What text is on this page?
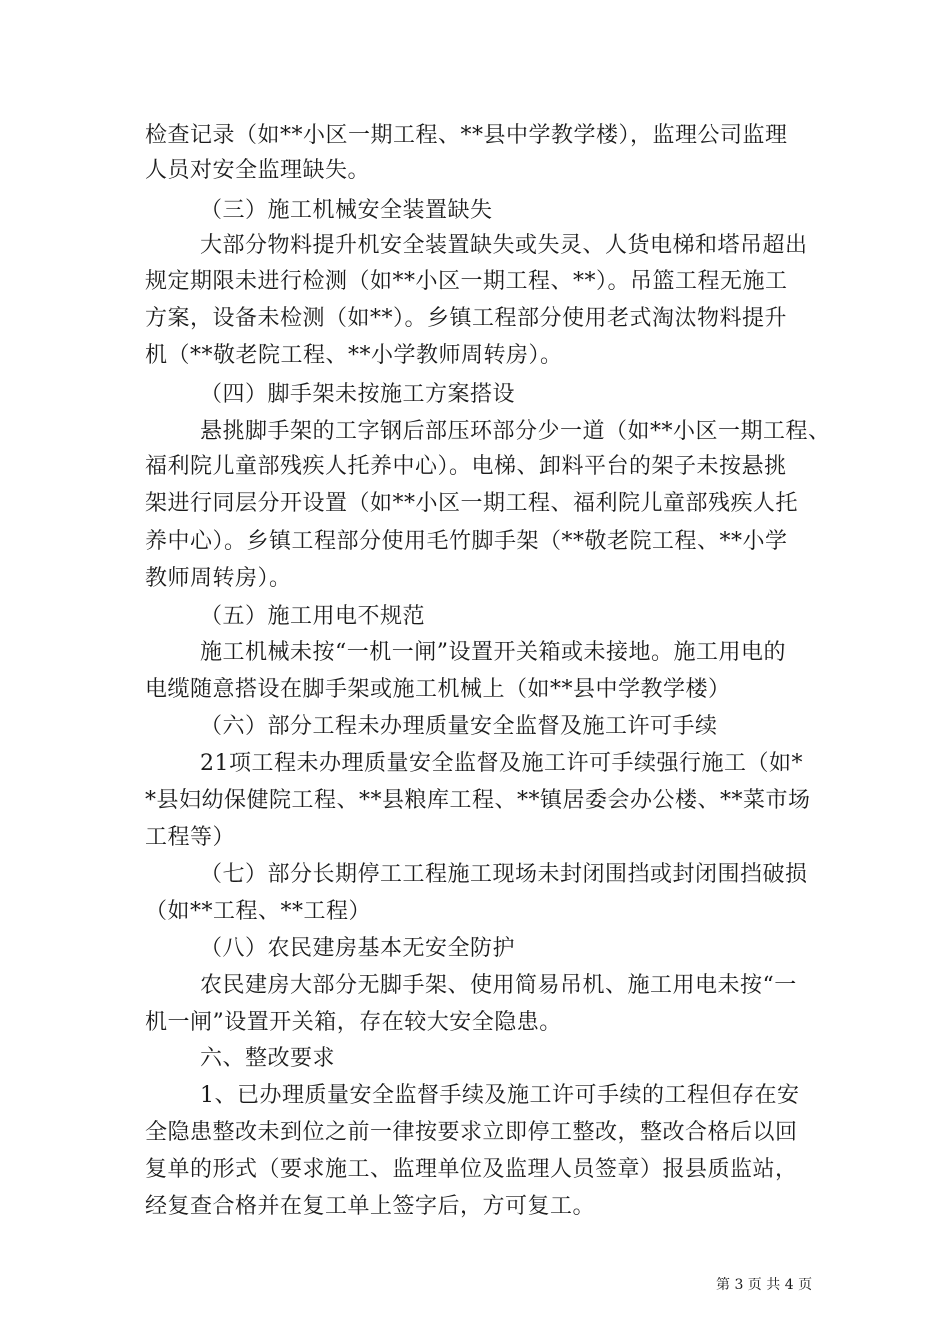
检查记录（如**小区一期工程、**县中学教学楼），监理公司监理
人员对安全监理缺失。
（三）施工机械安全装置缺失
大部分物料提升机安全装置缺失或失灵、人货电梯和塔吊超出
规定期限未进行检测（如**小区一期工程、**）。吊篮工程无施工
方案，设备未检测（如**）。乡镇工程部分使用老式淘汰物料提升
机（**敬老院工程、**小学教师周转房）。
（四）脚手架未按施工方案搭设
悬挑脚手架的工字钢后部压环部分少一道（如**小区一期工程、
福利院儿童部残疾人托养中心）。电梯、卸料平台的架子未按悬挑
架进行同层分开设置（如**小区一期工程、福利院儿童部残疾人托
养中心）。乡镇工程部分使用毛竹脚手架（**敬老院工程、**小学
教师周转房）。
（五）施工用电不规范
施工机械未按“一机一闸”设置开关箱或未接地。施工用电的
电缆随意搭设在脚手架或施工机械上（如**县中学教学楼）
（六）部分工程未办理质量安全监督及施工许可手续
21项工程未办理质量安全监督及施工许可手续强行施工（如*
*县妇幼保健院工程、**县粮库工程、**镇居委会办公楼、**菜市场
工程等）
（七）部分长期停工工程施工现场未封闭围挡或封闭围挡破损
（如**工程、**工程）
（八）农民建房基本无安全防护
农民建房大部分无脚手架、使用简易吊机、施工用电未按“一
机一闸”设置开关箱，存在较大安全隐患。
六、整改要求
1、已办理质量安全监督手续及施工许可手续的工程但存在安
全隐患整改未到位之前一律按要求立即停工整改，整改合格后以回
复单的形式（要求施工、监理单位及监理人员签章）报县质监站，
经复查合格并在复工单上签字后，方可复工。
第 3 页 共 4 页
